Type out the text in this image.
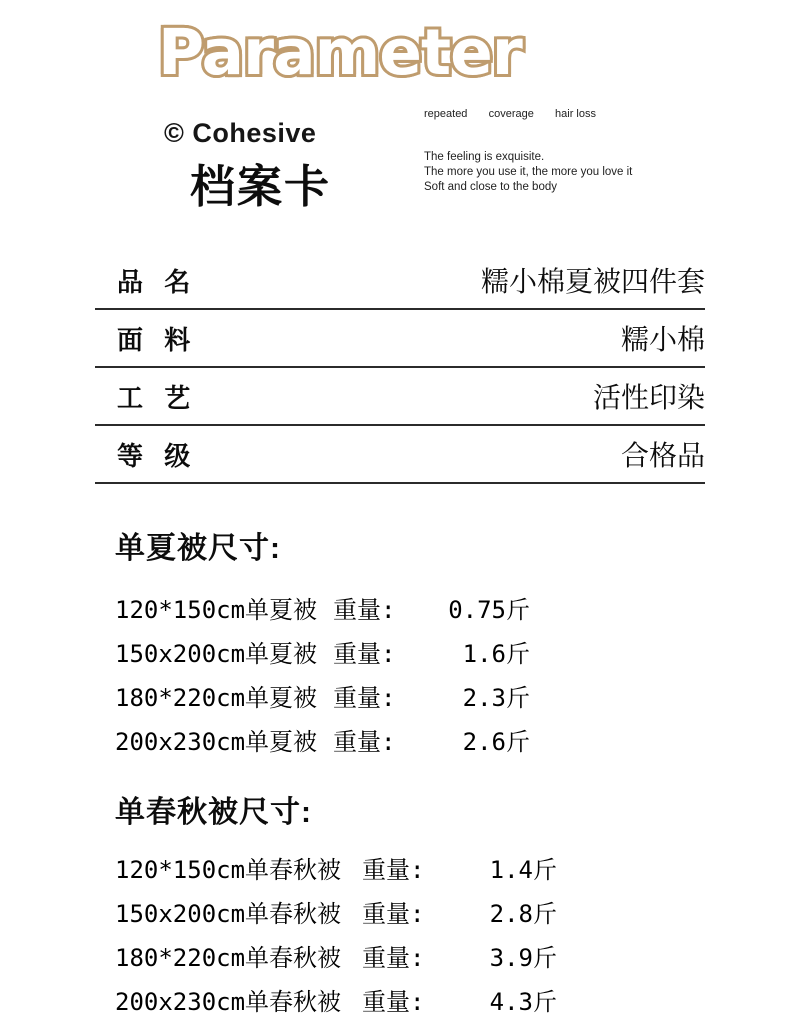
Parameter
© Cohesive
档案卡
repeated coverage hair loss
The feeling is exquisite.
The more you use it, the more you love it
Soft and close to the body
品 名	糯小棉夏被四件套
面 料	糯小棉
工 艺	活性印染
等 级	合格品
单夏被尺寸:
120*150cm单夏被 重量:	0.75斤
150x200cm单夏被 重量:	1.6斤
180*220cm单夏被 重量:	2.3斤
200x230cm单夏被 重量:	2.6斤
单春秋被尺寸:
120*150cm单春秋被 重量:	1.4斤
150x200cm单春秋被 重量:	2.8斤
180*220cm单春秋被 重量:	3.9斤
200x230cm单春秋被 重量:	4.3斤
